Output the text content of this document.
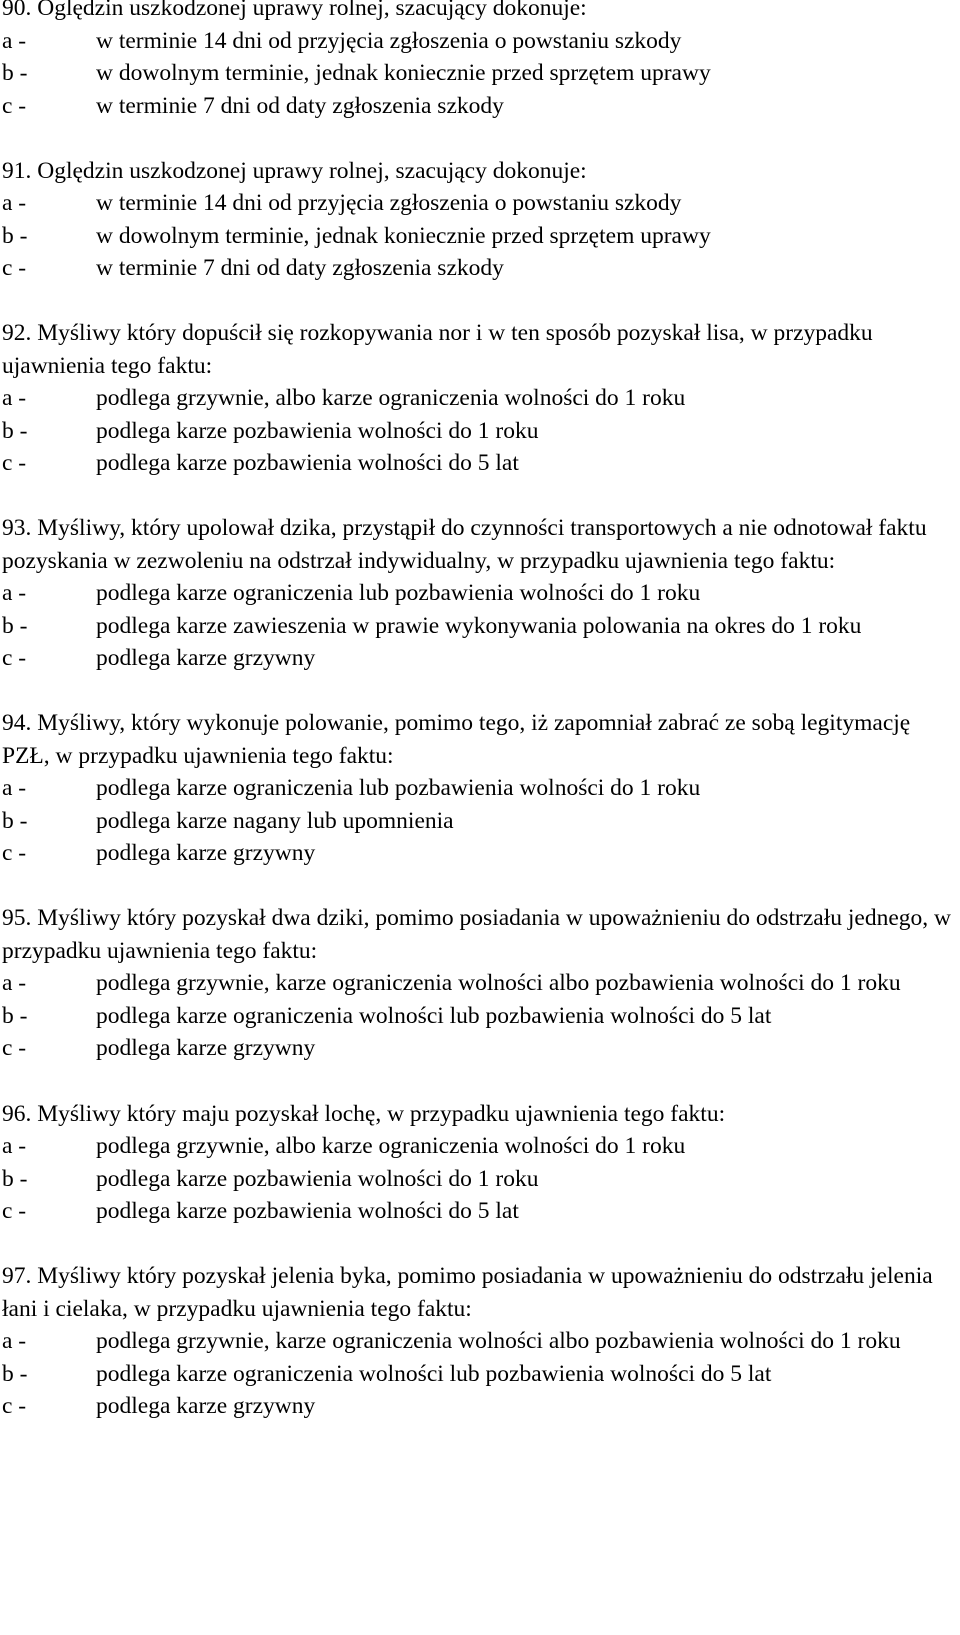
90. Oględzin uszkodzonej uprawy rolnej, szacujący dokonuje:
a -	w terminie 14 dni od przyjęcia zgłoszenia o powstaniu szkody
b -	w dowolnym terminie, jednak koniecznie przed sprzętem uprawy
c -	w terminie 7 dni od daty zgłoszenia szkody
91. Oględzin uszkodzonej uprawy rolnej, szacujący dokonuje:
a -	w terminie 14 dni od przyjęcia zgłoszenia o powstaniu szkody
b -	w dowolnym terminie, jednak koniecznie przed sprzętem uprawy
c -	w terminie 7 dni od daty zgłoszenia szkody
92. Myśliwy który dopuścił się rozkopywania nor i w ten sposób pozyskał lisa, w przypadku ujawnienia tego faktu:
a -	podlega grzywnie, albo karze ograniczenia wolności do 1 roku
b -	podlega karze pozbawienia wolności do 1 roku
c -	podlega karze pozbawienia wolności do 5 lat
93. Myśliwy, który upolował dzika, przystąpił do czynności transportowych a nie odnotował faktu pozyskania w zezwoleniu na odstrzał indywidualny, w przypadku ujawnienia tego faktu:
a -	podlega karze ograniczenia lub pozbawienia wolności do 1 roku
b -	podlega karze zawieszenia w prawie wykonywania polowania na okres do 1 roku
c -	podlega karze grzywny
94. Myśliwy, który wykonuje polowanie, pomimo tego, iż zapomniał zabrać ze sobą legitymację PZŁ, w przypadku ujawnienia tego faktu:
a -	podlega karze ograniczenia lub pozbawienia wolności do 1 roku
b -	podlega karze nagany lub upomnienia
c -	podlega karze grzywny
95. Myśliwy który pozyskał dwa dziki, pomimo posiadania w upoważnieniu do odstrzału jednego, w przypadku ujawnienia tego faktu:
a -	podlega grzywnie, karze ograniczenia wolności albo pozbawienia wolności do 1 roku
b -	podlega karze ograniczenia wolności lub pozbawienia wolności do 5 lat
c -	podlega karze grzywny
96. Myśliwy który maju pozyskał lochę, w przypadku ujawnienia tego faktu:
a -	podlega grzywnie, albo karze ograniczenia wolności do 1 roku
b -	podlega karze pozbawienia wolności do 1 roku
c -	podlega karze pozbawienia wolności do 5 lat
97. Myśliwy który pozyskał jelenia byka, pomimo posiadania w upoważnieniu do odstrzału jelenia łani i cielaka, w przypadku ujawnienia tego faktu:
a -	podlega grzywnie, karze ograniczenia wolności albo pozbawienia wolności do 1 roku
b -	podlega karze ograniczenia wolności lub pozbawienia wolności do 5 lat
c -	podlega karze grzywny
